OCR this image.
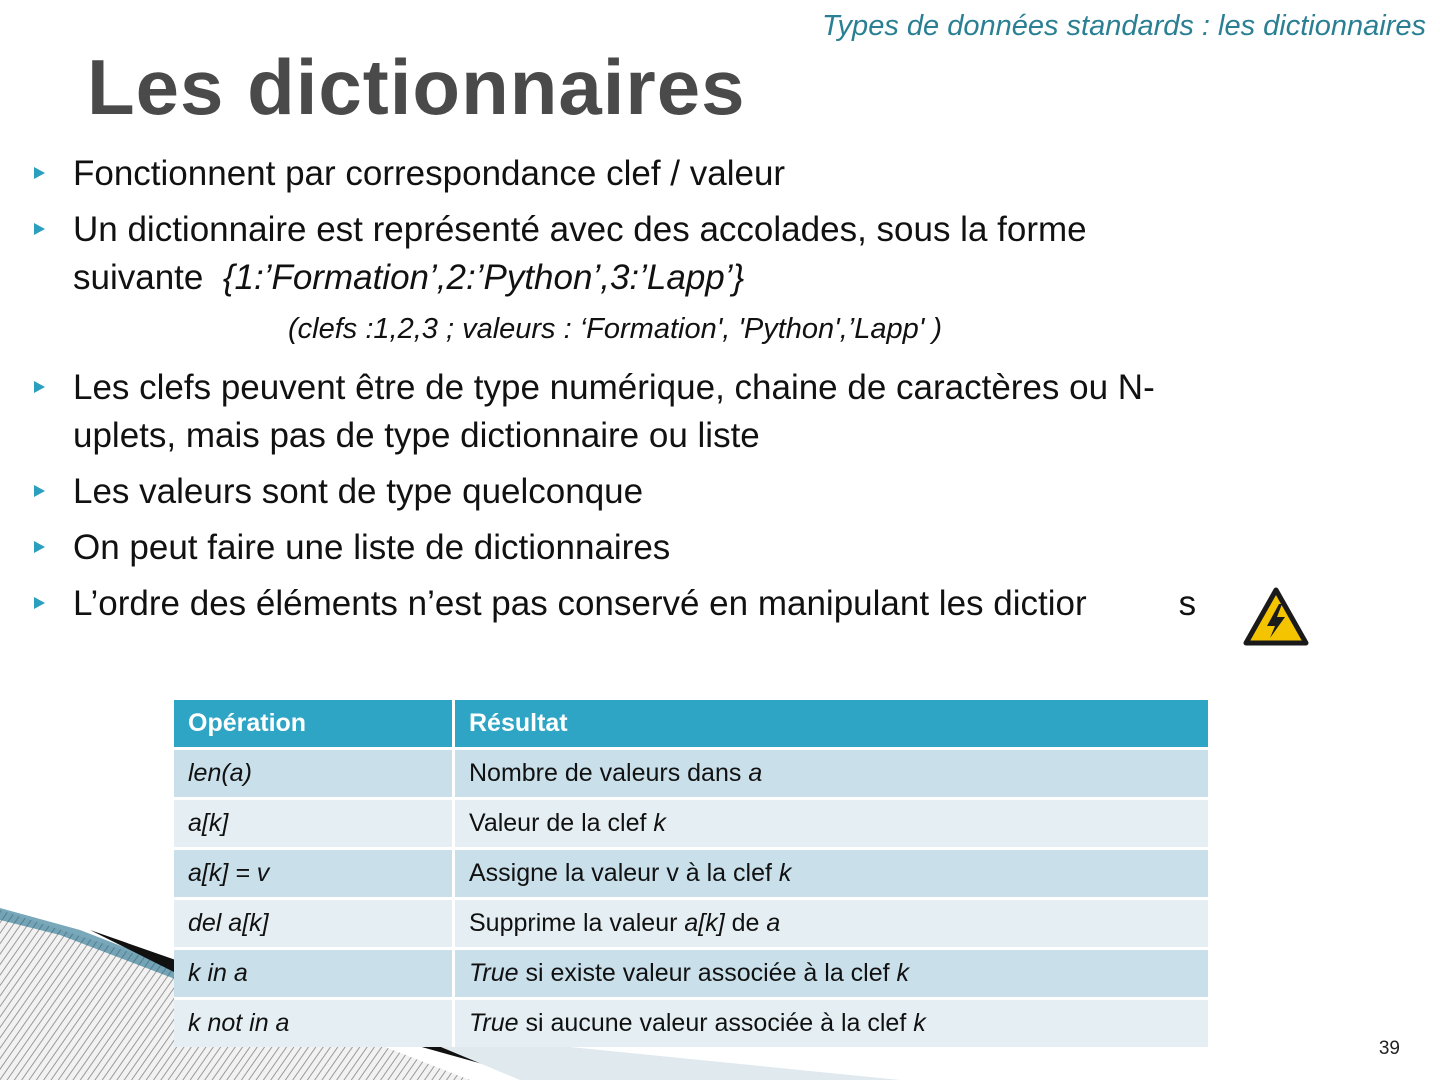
Types de données standards : les dictionnaires
Les dictionnaires
Fonctionnent par correspondance clef / valeur
Un dictionnaire est représenté avec des accolades, sous la forme
suivante  {1:’Formation’,2:’Python’,3:’Lapp’}
Les clefs peuvent être de type numérique, chaine de caractères ou N-
uplets, mais pas de type dictionnaire ou liste
Les valeurs sont de type quelconque
On peut faire une liste de dictionnaires
L’ordre des éléments n’est pas conservé en manipulant les dictior	s
(clefs :1,2,3 ; valeurs : ‘Formation', 'Python',’Lapp' )
Opération	Résultat
len(a)	Nombre de valeurs dans a
a[k]	Valeur de la clef k
a[k] = v	Assigne la valeur v à la clef k
del a[k]	Supprime la valeur a[k] de a
k in a	True si existe valeur associée à la clef k
k not in a	True si aucune valeur associée à la clef k
39
